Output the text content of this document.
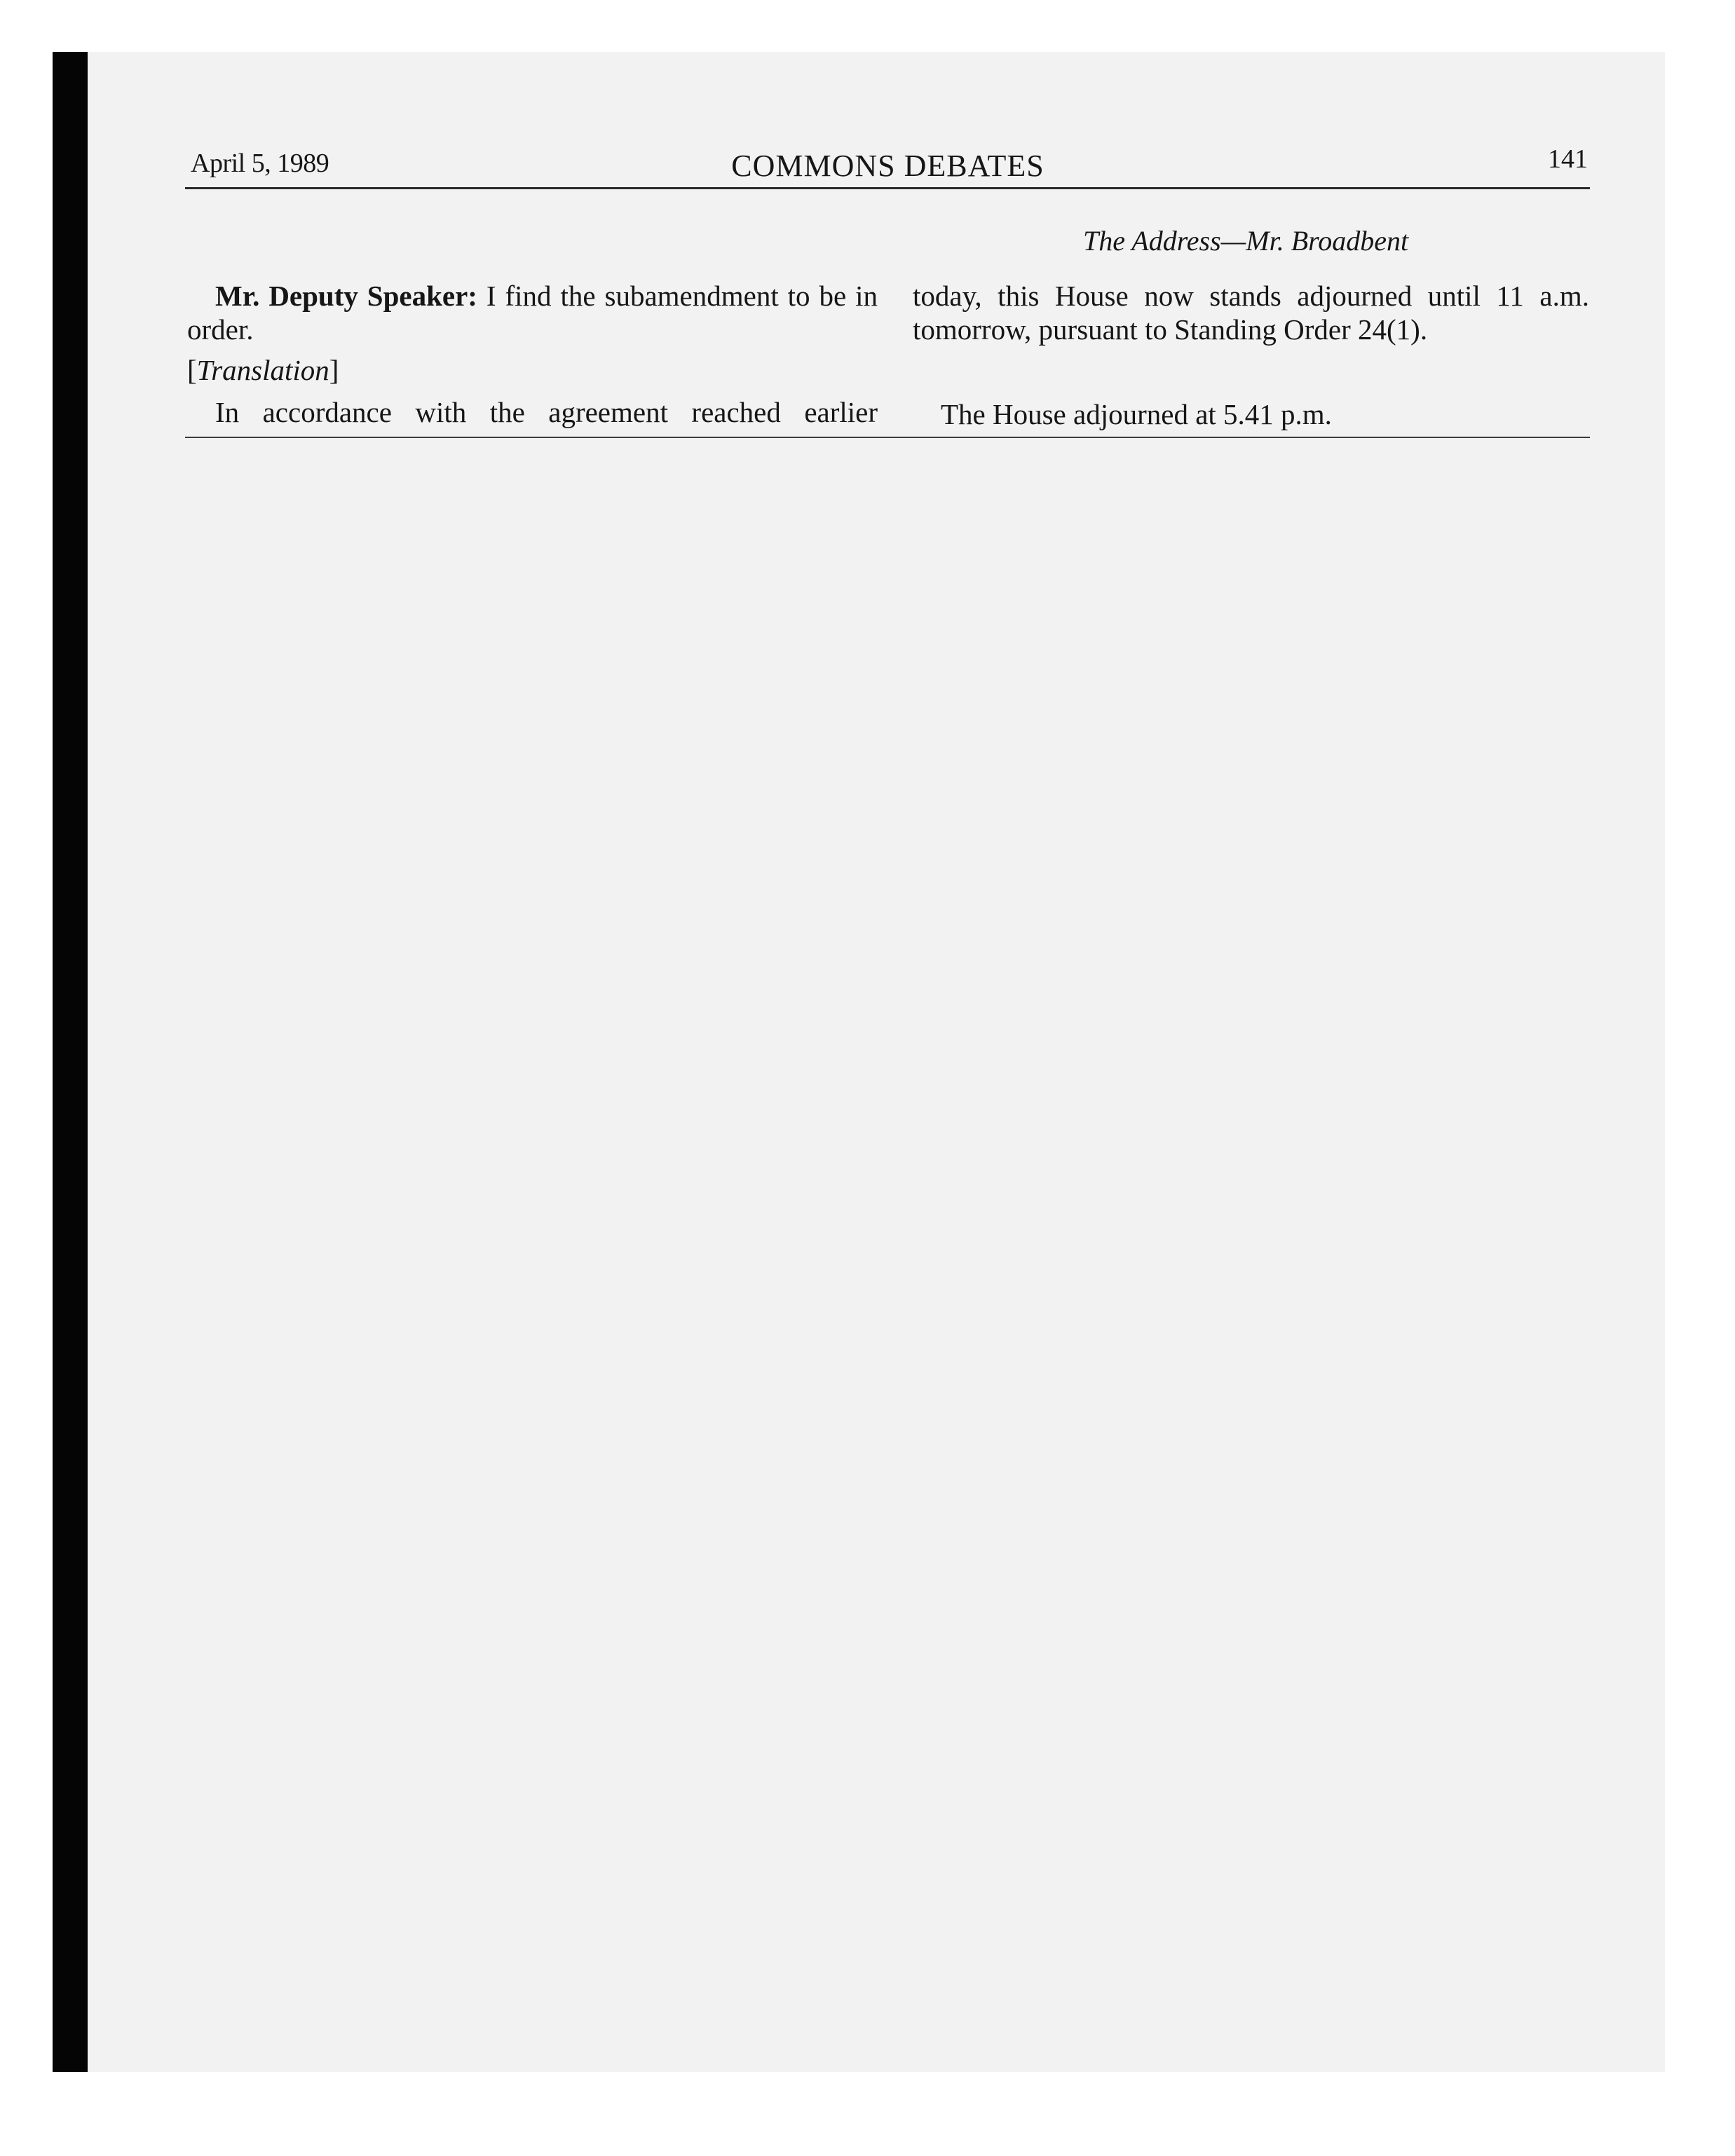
April 5, 1989	COMMONS DEBATES	141
The Address—Mr. Broadbent

Mr. Deputy Speaker: I find the subamendment to be in order.

[Translation]

In accordance with the agreement reached earlier

today, this House now stands adjourned until 11 a.m. tomorrow, pursuant to Standing Order 24(1).

The House adjourned at 5.41 p.m.
